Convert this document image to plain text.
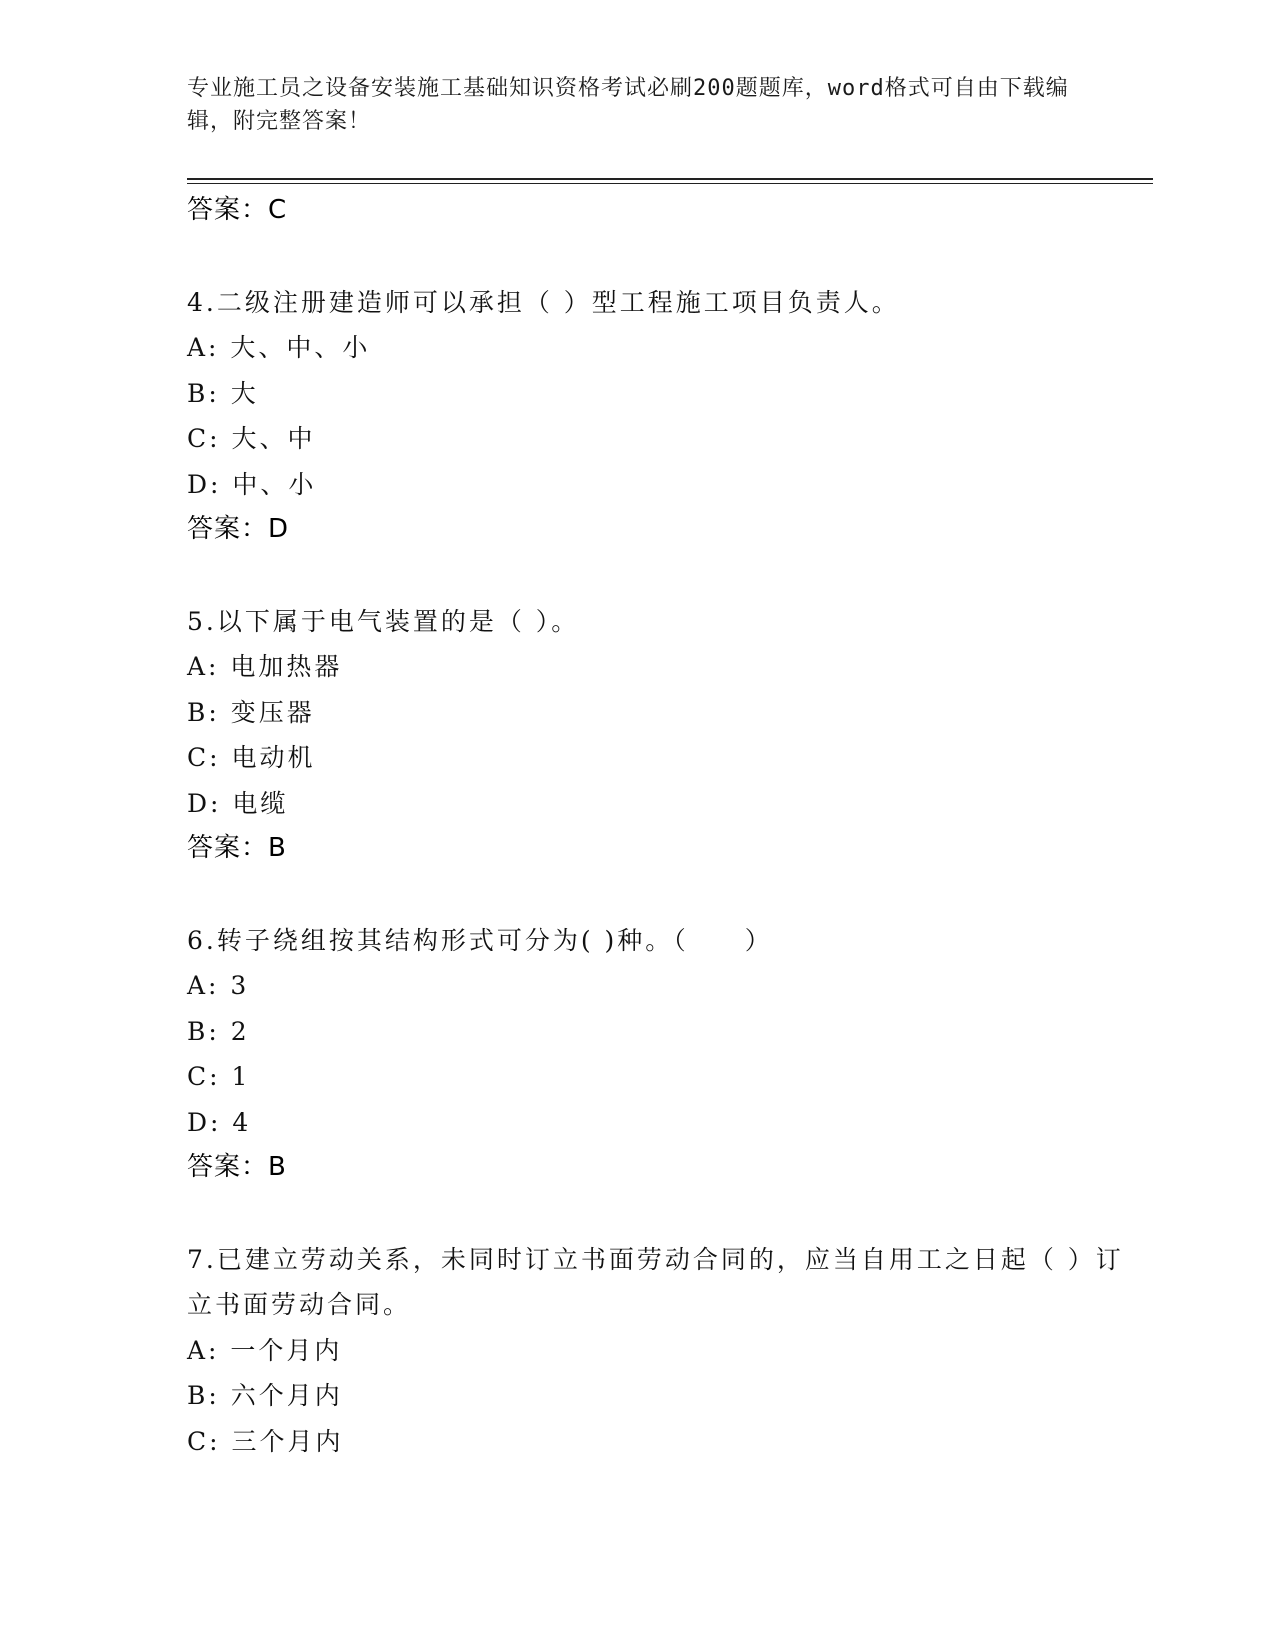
专业施工员之设备安装施工基础知识资格考试必刷200题题库，word格式可自由下载编辑，附完整答案！
答案：C
4.二级注册建造师可以承担（ ）型工程施工项目负责人。
A: 大、中、小
B: 大
C: 大、中
D: 中、小
答案：D
5.以下属于电气装置的是（ ）。
A: 电加热器
B: 变压器
C: 电动机
D: 电缆
答案：B
6.转子绕组按其结构形式可分为( )种。（　　）
A: 3
B: 2
C: 1
D: 4
答案：B
7.已建立劳动关系，未同时订立书面劳动合同的，应当自用工之日起（ ）订立书面劳动合同。
A: 一个月内
B: 六个月内
C: 三个月内
